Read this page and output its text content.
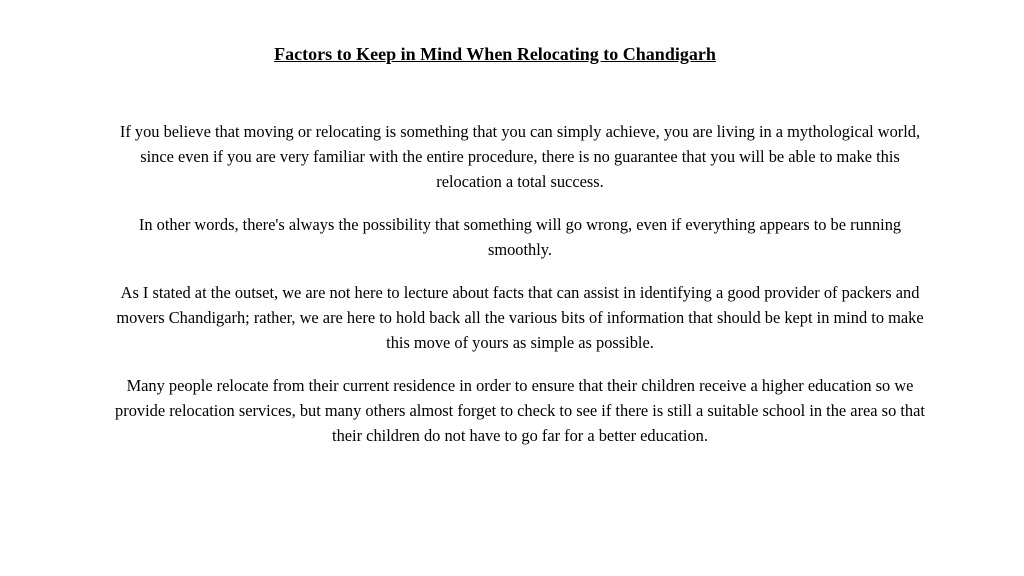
Factors to Keep in Mind When Relocating to Chandigarh

If you believe that moving or relocating is something that you can simply achieve, you are living in a mythological world, since even if you are very familiar with the entire procedure, there is no guarantee that you will be able to make this relocation a total success.

In other words, there's always the possibility that something will go wrong, even if everything appears to be running smoothly.

As I stated at the outset, we are not here to lecture about facts that can assist in identifying a good provider of packers and movers Chandigarh; rather, we are here to hold back all the various bits of information that should be kept in mind to make this move of yours as simple as possible.

Many people relocate from their current residence in order to ensure that their children receive a higher education so we provide relocation services, but many others almost forget to check to see if there is still a suitable school in the area so that their children do not have to go far for a better education.
